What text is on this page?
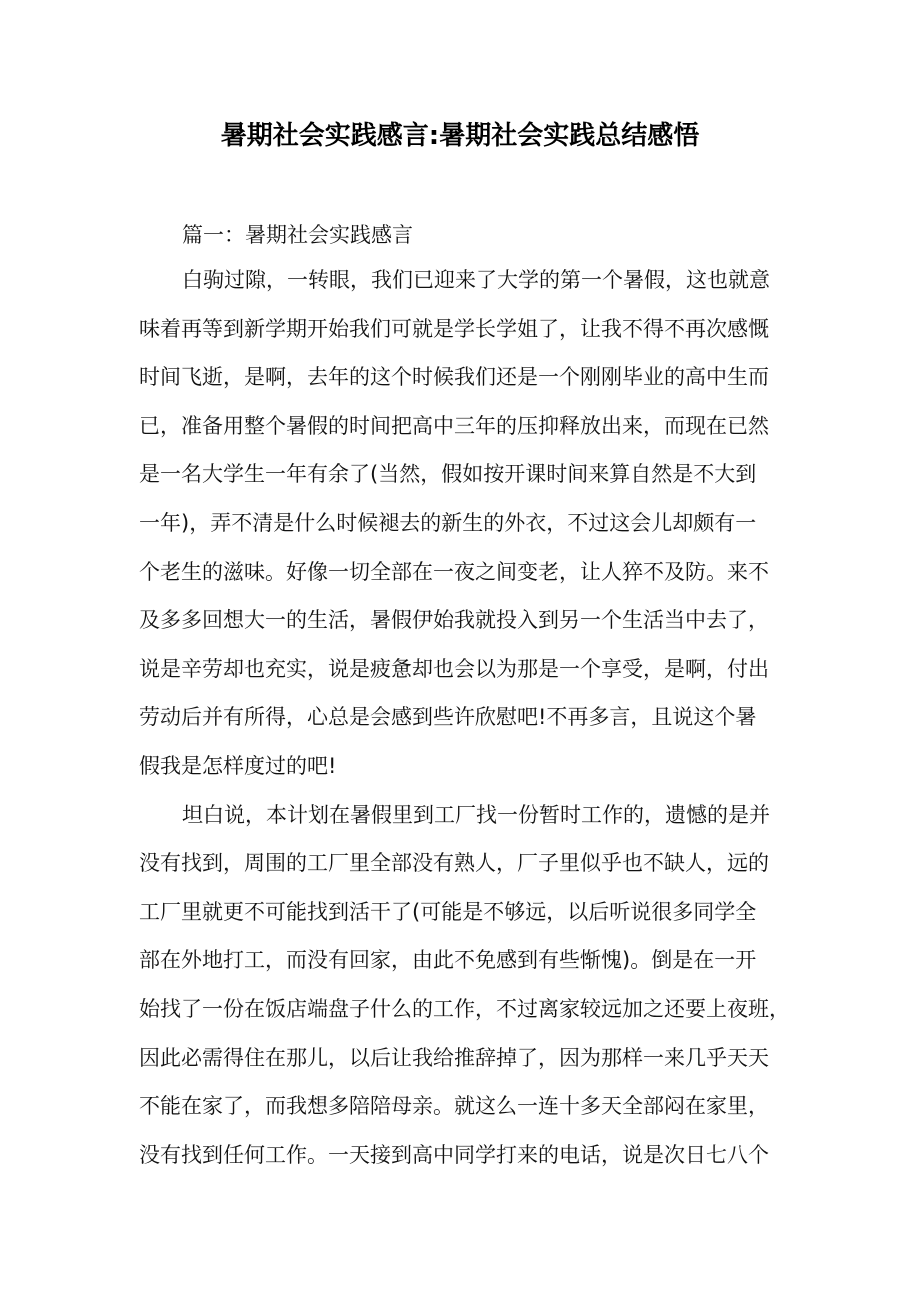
暑期社会实践感言:暑期社会实践总结感悟
篇一：暑期社会实践感言
白驹过隙，一转眼，我们已迎来了大学的第一个暑假，这也就意
味着再等到新学期开始我们可就是学长学姐了，让我不得不再次感慨
时间飞逝，是啊，去年的这个时候我们还是一个刚刚毕业的高中生而
已，准备用整个暑假的时间把高中三年的压抑释放出来，而现在已然
是一名大学生一年有余了(当然，假如按开课时间来算自然是不大到
一年)，弄不清是什么时候褪去的新生的外衣，不过这会儿却颇有一
个老生的滋味。好像一切全部在一夜之间变老，让人猝不及防。来不
及多多回想大一的生活，暑假伊始我就投入到另一个生活当中去了，
说是辛劳却也充实，说是疲惫却也会以为那是一个享受，是啊，付出
劳动后并有所得，心总是会感到些许欣慰吧!不再多言，且说这个暑
假我是怎样度过的吧!
坦白说，本计划在暑假里到工厂找一份暂时工作的，遗憾的是并
没有找到，周围的工厂里全部没有熟人，厂子里似乎也不缺人，远的
工厂里就更不可能找到活干了(可能是不够远，以后听说很多同学全
部在外地打工，而没有回家，由此不免感到有些惭愧)。倒是在一开
始找了一份在饭店端盘子什么的工作，不过离家较远加之还要上夜班，
因此必需得住在那儿，以后让我给推辞掉了，因为那样一来几乎天天
不能在家了，而我想多陪陪母亲。就这么一连十多天全部闷在家里，
没有找到任何工作。一天接到高中同学打来的电话，说是次日七八个
